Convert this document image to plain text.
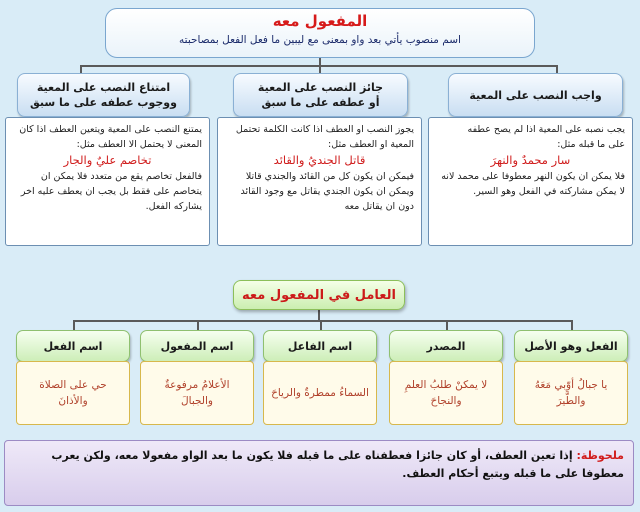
المفعول معه
اسم منصوب يأتي بعد واو بمعنى مع ليبين ما فعل الفعل بمصاحبته
واجب النصب على المعية
جائز النصب على المعية
أو عطفه على ما سبق
امتناع النصب على المعية
ووجوب عطفه على ما سبق
يجب نصبه على المعية اذا لم يصح عطفه
على ما قبله مثل:
سار محمدٌ والنهرَ
فلا يمكن ان يكون النهر معطوفا على محمد لانه لا يمكن مشاركته في الفعل وهو السير.
يجوز النصب او العطف اذا كانت الكلمة تحتمل المعية او العطف مثل:
قاتل الجنديُ والقائد
فيمكن ان يكون كل من القائد والجندي قاتلا ويمكن ان يكون الجندي يقاتل مع وجود القائد دون ان يقاتل معه
يمتنع النصب على المعية ويتعين العطف اذا كان المعنى لا يحتمل الا العطف مثل:
تخاصم عليٌ والجار
فالفعل تخاصم يقع من متعدد فلا يمكن ان يتخاصم على فقط بل يجب ان يعطف عليه اخر يشاركه الفعل.
العامل في المفعول معه
الفعل وهو الأصل
المصدر
اسم الفاعل
اسم المفعول
اسم الفعل
يا جبالُ أوّبي مَعَهُ
والطَّيرَ
لا يمكنْ طلبُ العلمِ
والنجاحَ
السماءُ ممطرةٌ والرياحَ
الأعلامُ مرفوعةٌ
والجبالَ
حي على الصلاة
والأذانَ
ملحوظة: إذا تعين العطف، أو كان جائزا فعطفناه على ما قبله فلا يكون ما بعد الواو مفعولا معه، ولكن يعرب معطوفا على ما قبله ويتبع أحكام العطف.
